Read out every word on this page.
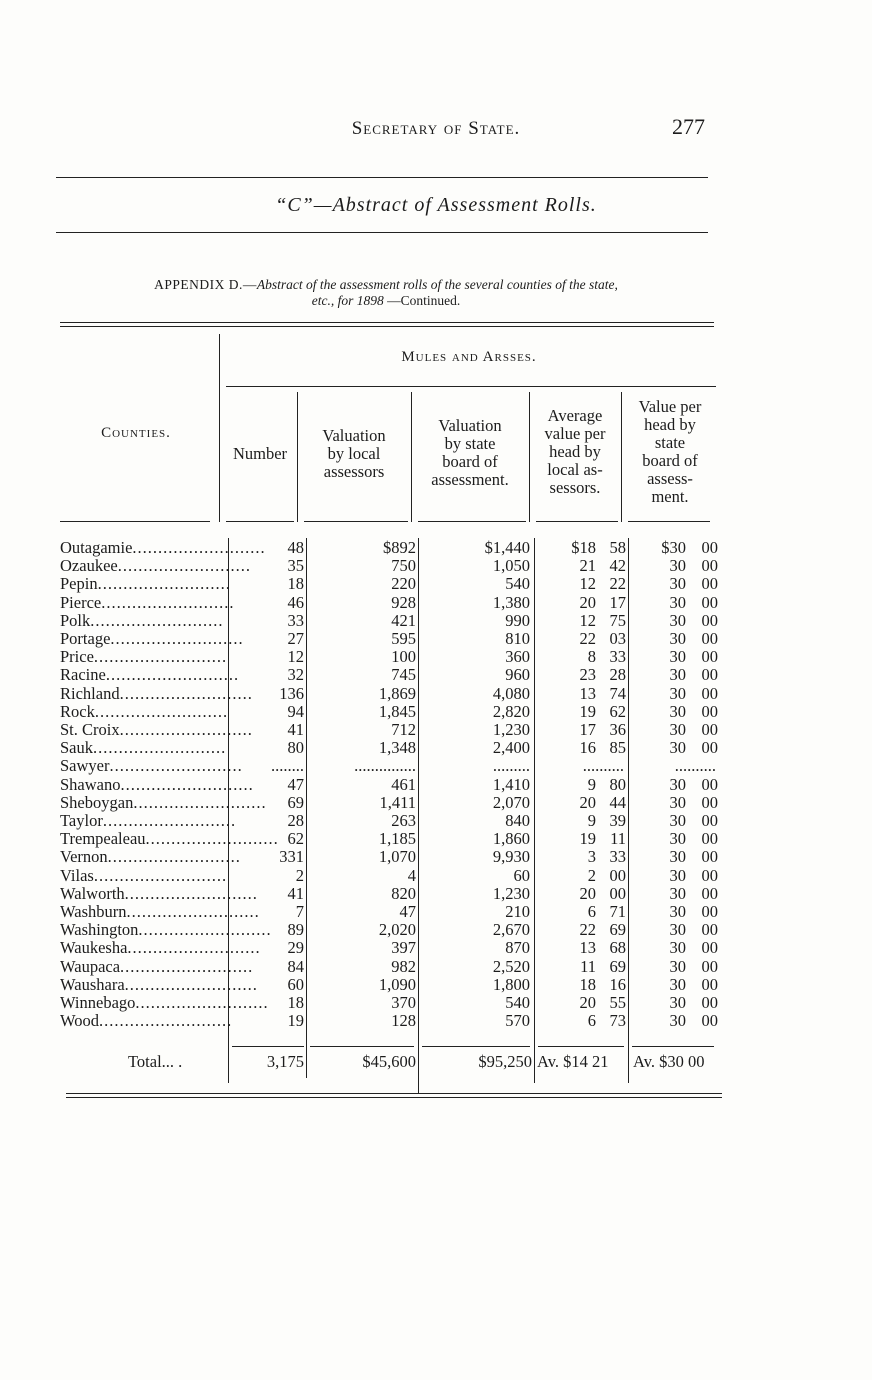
Secretary of State.	277
“C”—Abstract of Assessment Rolls.
APPENDIX D.—Abstract of the assessment rolls of the several counties of the state,
etc., for 1898 —Continued.
Mules and Arsses.
Counties.
Number
Valuation
by local
assessors
Valuation
by state
board of
assessment.
Average
value per
head by
local as-
sessors.
Value per
head by
state
board of
assess-
ment.
Outagamie..........................	48	$892	$1,440	$18 58	$30 00
Ozaukee..........................	35	750	1,050	21 42	30 00
Pepin..........................	18	220	540	12 22	30 00
Pierce..........................	46	928	1,380	20 17	30 00
Polk..........................	33	421	990	12 75	30 00
Portage..........................	27	595	810	22 03	30 00
Price..........................	12	100	360	8 33	30 00
Racine..........................	32	745	960	23 28	30 00
Richland..........................	136	1,869	4,080	13 74	30 00
Rock..........................	94	1,845	2,820	19 62	30 00
St. Croix..........................	41	712	1,230	17 36	30 00
Sauk..........................	80	1,348	2,400	16 85	30 00
Sawyer..........................	........	...............	.........	..........	..........
Shawano..........................	47	461	1,410	9 80	30 00
Sheboygan..........................	69	1,411	2,070	20 44	30 00
Taylor..........................	28	263	840	9 39	30 00
Trempealeau.......................... 62	1,185	1,860	19 11	30 00
Vernon..........................	331	1,070	9,930	3 33	30 00
Vilas..........................	2	4	60	2 00	30 00
Walworth..........................	41	820	1,230	20 00	30 00
Washburn..........................	7	47	210	6 71	30 00
Washington.......................... 89	2,020	2,670	22 69	30 00
Waukesha..........................	29	397	870	13 68	30 00
Waupaca..........................	84	982	2,520	11 69	30 00
Waushara..........................	60	1,090	1,800	18 16	30 00
Winnebago..........................	18	370	540	20 55	30 00
Wood..........................	19	128	570	6 73	30 00
Total... .	3,175	$45,600	$95,250 Av. $14 21 Av. $30 00
